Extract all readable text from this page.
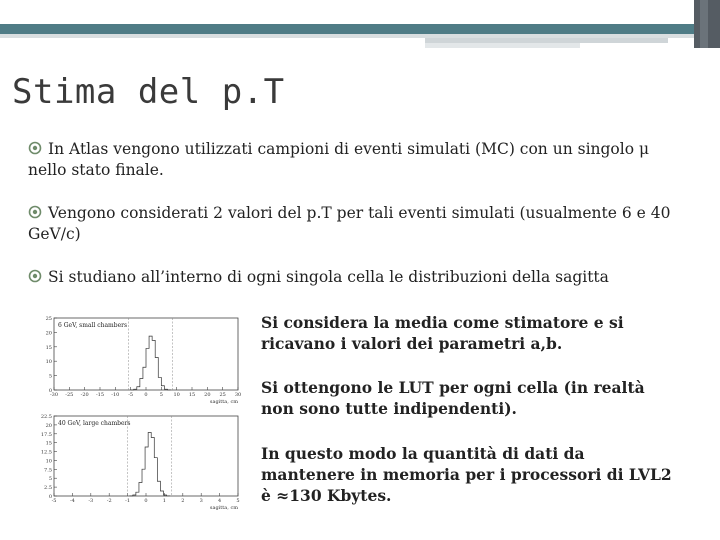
Stima del p.T
In Atlas vengono utilizzati campioni di eventi simulati (MC) con un singolo μ nello stato finale.
Vengono considerati 2 valori del p.T per tali eventi simulati (usualmente 6 e 40 GeV/c)
Si studiano all’interno di ogni singola cella le distribuzioni della sagitta
0
5
10
15
20
25
-30 -25 -20 -15 -10 -5 0 5 10 15 20 25 30
sagitta, cm
6 GeV, small chambers
0
2.5
5
7.5
10
12.5
15
17.5
20
22.5
-5	-4	-3	-2	-1	0	1	2	3	4	5
sagitta, cm
40 GeV, large chambers
Si considera la media come stimatore e si ricavano i valori dei parametri a,b.
Si ottengono le LUT per ogni cella (in realtà non sono tutte indipendenti).
In questo modo la quantità di dati da mantenere in memoria per i processori di LVL2 è ≈130 Kbytes.
